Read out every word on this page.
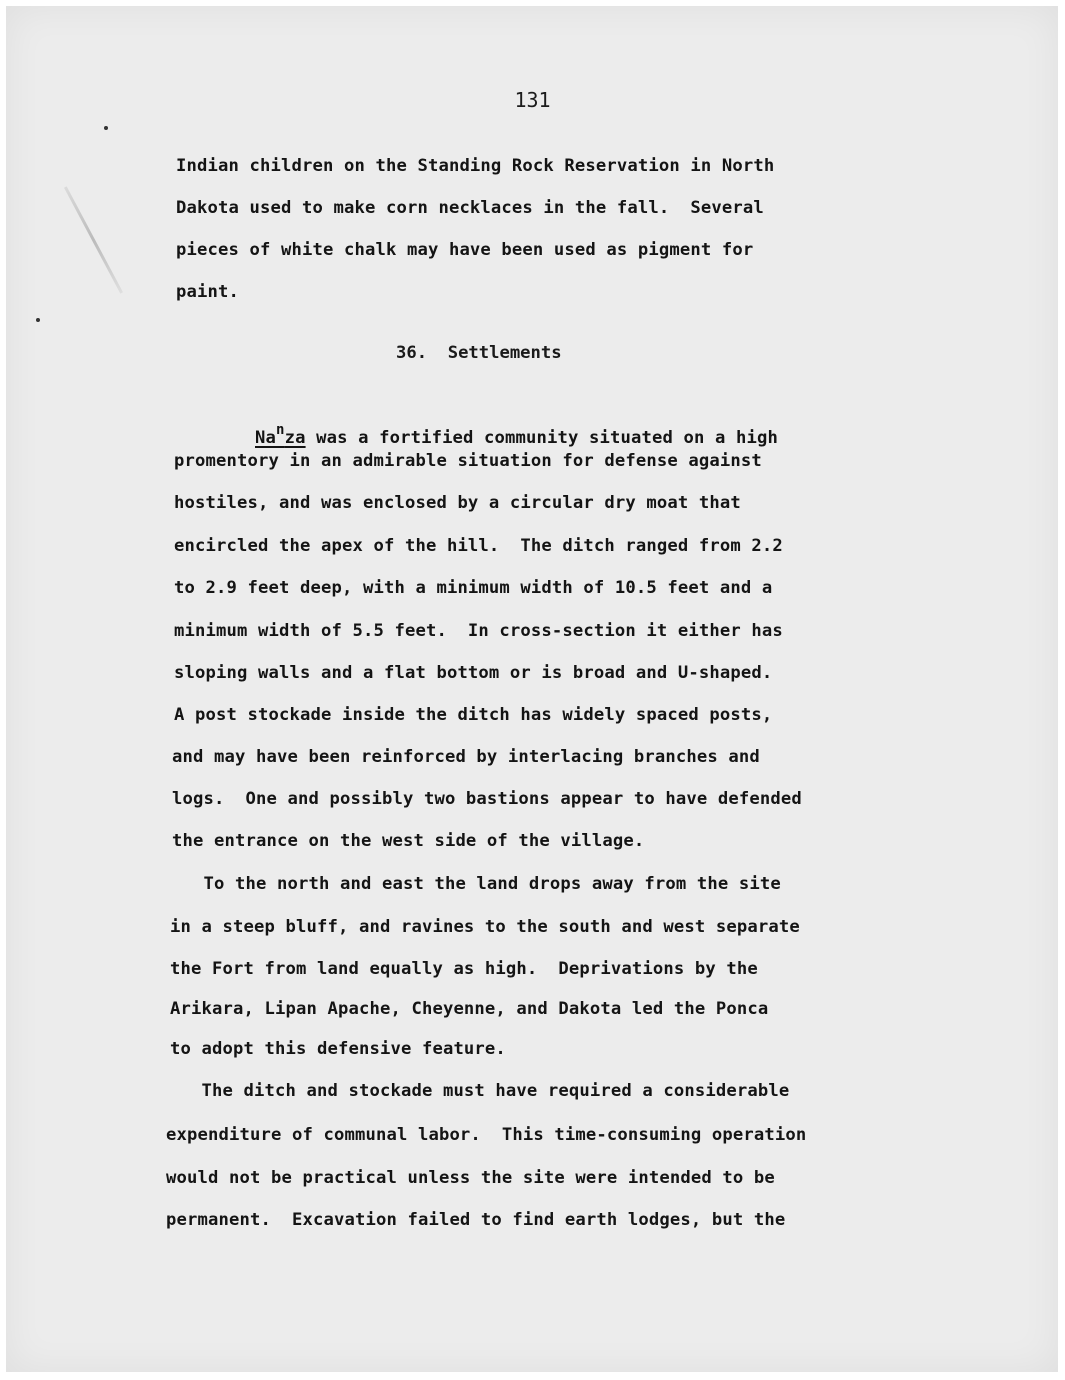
131
Indian children on the Standing Rock Reservation in North
Dakota used to make corn necklaces in the fall.  Several
pieces of white chalk may have been used as pigment for
paint.
36.  Settlements

Na$^n$za was a fortified community situated on a high

promentory in an admirable situation for defense against
hostiles, and was enclosed by a circular dry moat that
encircled the apex of the hill.  The ditch ranged from 2.2
to 2.9 feet deep, with a minimum width of 10.5 feet and a
minimum width of 5.5 feet.  In cross-section it either has
sloping walls and a flat bottom or is broad and U-shaped.
A post stockade inside the ditch has widely spaced posts,
and may have been reinforced by interlacing branches and
logs.  One and possibly two bastions appear to have defended
the entrance on the west side of the village.
To the north and east the land drops away from the site
in a steep bluff, and ravines to the south and west separate
the Fort from land equally as high.  Deprivations by the
Arikara, Lipan Apache, Cheyenne, and Dakota led the Ponca
to adopt this defensive feature.
The ditch and stockade must have required a considerable
expenditure of communal labor.  This time-consuming operation
would not be practical unless the site were intended to be
permanent.  Excavation failed to find earth lodges, but the
